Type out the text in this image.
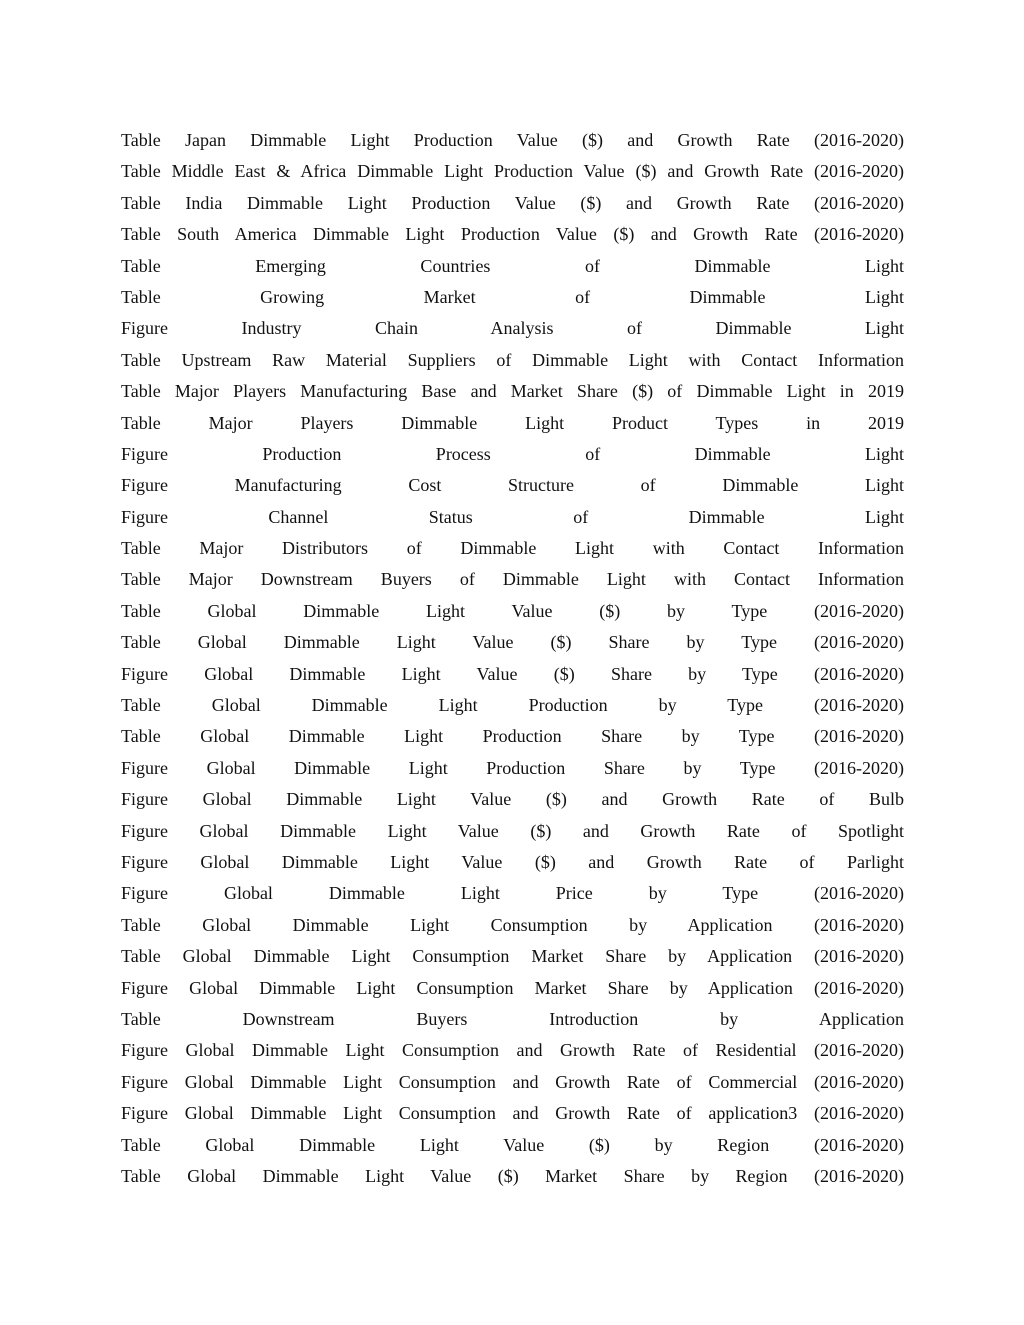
Table Japan Dimmable Light Production Value ($) and Growth Rate (2016-2020)
Table Middle East & Africa Dimmable Light Production Value ($) and Growth Rate (2016-2020)
Table India Dimmable Light Production Value ($) and Growth Rate (2016-2020)
Table South America Dimmable Light Production Value ($) and Growth Rate (2016-2020)
Table Emerging Countries of Dimmable Light
Table Growing Market of Dimmable Light
Figure Industry Chain Analysis of Dimmable Light
Table Upstream Raw Material Suppliers of Dimmable Light with Contact Information
Table Major Players Manufacturing Base and Market Share ($) of Dimmable Light in 2019
Table Major Players Dimmable Light Product Types in 2019
Figure Production Process of Dimmable Light
Figure Manufacturing Cost Structure of Dimmable Light
Figure Channel Status of Dimmable Light
Table Major Distributors of Dimmable Light with Contact Information
Table Major Downstream Buyers of Dimmable Light with Contact Information
Table Global Dimmable Light Value ($) by Type (2016-2020)
Table Global Dimmable Light Value ($) Share by Type (2016-2020)
Figure Global Dimmable Light Value ($) Share by Type (2016-2020)
Table Global Dimmable Light Production by Type (2016-2020)
Table Global Dimmable Light Production Share by Type (2016-2020)
Figure Global Dimmable Light Production Share by Type (2016-2020)
Figure Global Dimmable Light Value ($) and Growth Rate of Bulb
Figure Global Dimmable Light Value ($) and Growth Rate of Spotlight
Figure Global Dimmable Light Value ($) and Growth Rate of Parlight
Figure Global Dimmable Light Price by Type (2016-2020)
Table Global Dimmable Light Consumption by Application (2016-2020)
Table Global Dimmable Light Consumption Market Share by Application (2016-2020)
Figure Global Dimmable Light Consumption Market Share by Application (2016-2020)
Table Downstream Buyers Introduction by Application
Figure Global Dimmable Light Consumption and Growth Rate of Residential (2016-2020)
Figure Global Dimmable Light Consumption and Growth Rate of Commercial (2016-2020)
Figure Global Dimmable Light Consumption and Growth Rate of application3 (2016-2020)
Table Global Dimmable Light Value ($) by Region (2016-2020)
Table Global Dimmable Light Value ($) Market Share by Region (2016-2020)
